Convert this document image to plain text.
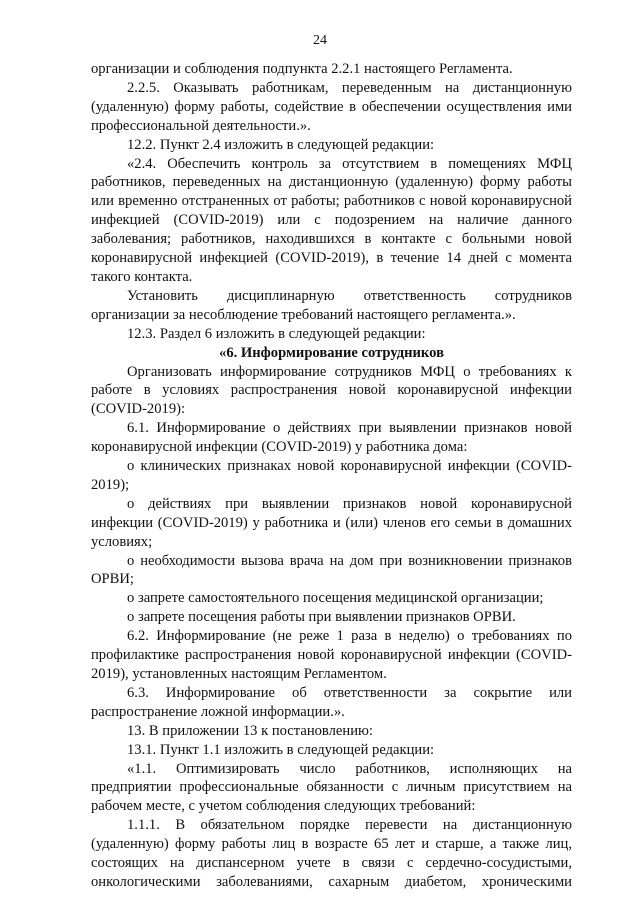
24

организации и соблюдения подпункта 2.2.1 настоящего Регламента.

2.2.5. Оказывать работникам, переведенным на дистанционную (удаленную) форму работы, содействие в обеспечении осуществления ими профессиональной деятельности.».

12.2. Пункт 2.4 изложить в следующей редакции:

«2.4. Обеспечить контроль за отсутствием в помещениях МФЦ работников, переведенных на дистанционную (удаленную) форму работы или временно отстраненных от работы; работников с новой коронавирусной инфекцией (COVID-2019) или с подозрением на наличие данного заболевания; работников, находившихся в контакте с больными новой коронавирусной инфекцией (COVID-2019), в течение 14 дней с момента такого контакта.

Установить дисциплинарную ответственность сотрудников организации за несоблюдение требований настоящего регламента.».

12.3. Раздел 6 изложить в следующей редакции:

«6. Информирование сотрудников

Организовать информирование сотрудников МФЦ о требованиях к работе в условиях распространения новой коронавирусной инфекции (COVID-2019):

6.1. Информирование о действиях при выявлении признаков новой коронавирусной инфекции (COVID-2019) у работника дома:

о клинических признаках новой коронавирусной инфекции (COVID-2019);

о действиях при выявлении признаков новой коронавирусной инфекции (COVID-2019) у работника и (или) членов его семьи в домашних условиях;

о необходимости вызова врача на дом при возникновении признаков ОРВИ;

о запрете самостоятельного посещения медицинской организации;

о запрете посещения работы при выявлении признаков ОРВИ.

6.2. Информирование (не реже 1 раза в неделю) о требованиях по профилактике распространения новой коронавирусной инфекции (COVID-2019), установленных настоящим Регламентом.

6.3. Информирование об ответственности за сокрытие или распространение ложной информации.».

13. В приложении 13 к постановлению:

13.1. Пункт 1.1 изложить в следующей редакции:

«1.1. Оптимизировать число работников, исполняющих на предприятии профессиональные обязанности с личным присутствием на рабочем месте, с учетом соблюдения следующих требований:

1.1.1. В обязательном порядке перевести на дистанционную (удаленную) форму работы лиц в возрасте 65 лет и старше, а также лиц, состоящих на диспансерном учете в связи с сердечно-сосудистыми, онкологическими заболеваниями, сахарным диабетом, хроническими
